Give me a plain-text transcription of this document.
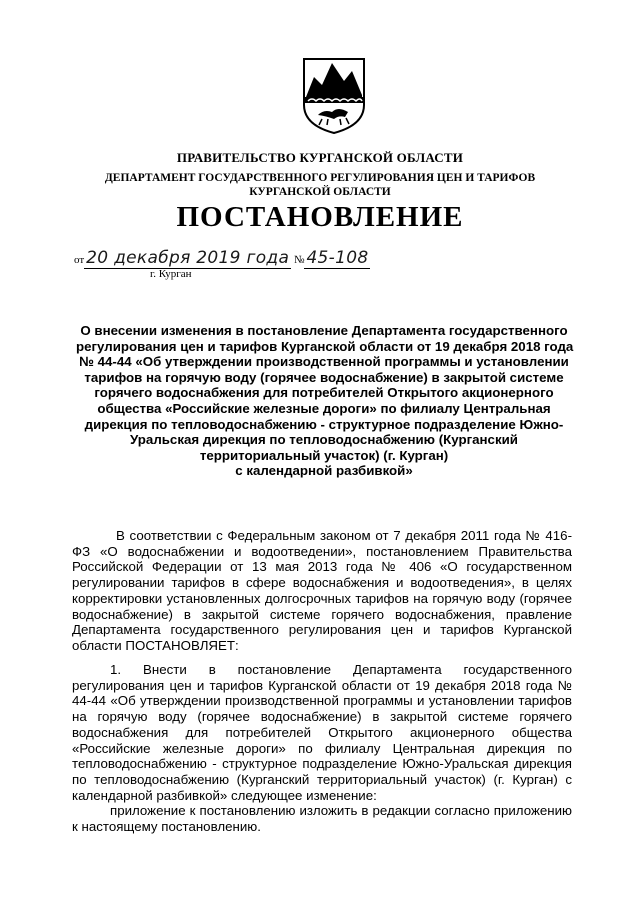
ПРАВИТЕЛЬСТВО КУРГАНСКОЙ ОБЛАСТИ
ДЕПАРТАМЕНТ ГОСУДАРСТВЕННОГО РЕГУЛИРОВАНИЯ ЦЕН И ТАРИФОВ
КУРГАНСКОЙ ОБЛАСТИ
ПОСТАНОВЛЕНИЕ
от 20 декабря 2019 года № 45-108
г. Курган
О внесении изменения в постановление Департамента государственного
регулирования цен и тарифов Курганской области от 19 декабря 2018 года
№ 44-44 «Об утверждении производственной программы и установлении
тарифов на горячую воду (горячее водоснабжение) в закрытой системе
горячего водоснабжения для потребителей Открытого акционерного
общества «Российские железные дороги» по филиалу Центральная
дирекция по тепловодоснабжению - структурное подразделение Южно-
Уральская дирекция по тепловодоснабжению (Курганский
территориальный участок) (г. Курган)
с календарной разбивкой»

В соответствии с Федеральным законом от 7 декабря 2011 года № 416-ФЗ «О водоснабжении и водоотведении», постановлением Правительства Российской Федерации от 13 мая 2013 года № 406 «О государственном регулировании тарифов в сфере водоснабжения и водоотведения», в целях корректировки установленных долгосрочных тарифов на горячую воду (горячее водоснабжение) в закрытой системе горячего водоснабжения, правление Департамента государственного регулирования цен и тарифов Курганской области ПОСТАНОВЛЯЕТ:

1. Внести в постановление Департамента государственного регулирования цен и тарифов Курганской области от 19 декабря 2018 года № 44-44 «Об утверждении производственной программы и установлении тарифов на горячую воду (горячее водоснабжение) в закрытой системе горячего водоснабжения для потребителей Открытого акционерного общества «Российские железные дороги» по филиалу Центральная дирекция по тепловодоснабжению - структурное подразделение Южно-Уральская дирекция по тепловодоснабжению (Курганский территориальный участок) (г. Курган) с календарной разбивкой» следующее изменение:

приложение к постановлению изложить в редакции согласно приложению к настоящему постановлению.
